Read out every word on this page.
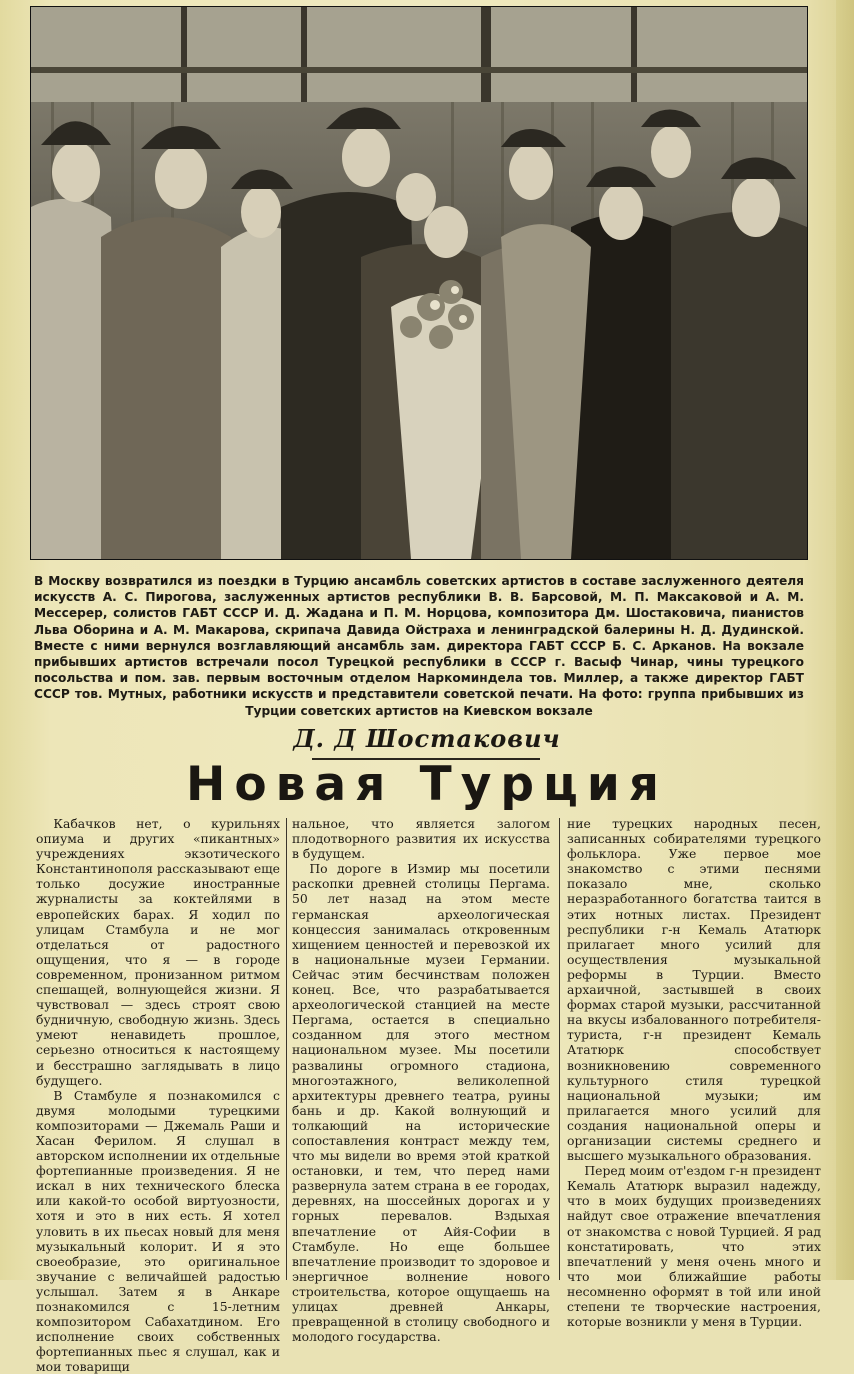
В Москву возвратился из поездки в Турцию ансамбль советских артистов в составе заслуженного деятеля искусств А. С. Пирогова, заслуженных артистов республики В. В. Барсовой, М. П. Максаковой и А. М. Мессерер, солистов ГАБТ СССР И. Д. Жадана и П. М. Норцова, композитора Дм. Шостаковича, пианистов Льва Оборина и А. М. Макарова, скрипача Давида Ойстраха и ленинградской балерины Н. Д. Дудинской. Вместе с ними вернулся возглавляющий ансамбль зам. директора ГАБТ СССР Б. С. Арканов. На вокзале прибывших артистов встречали посол Турецкой республики в СССР г. Васыф Чинар, чины турецкого посольства и пом. зав. первым восточным отделом Наркоминдела тов. Миллер, а также директор ГАБТ СССР тов. Мутных, работники искусств и представители советской печати. На фото: группа прибывших из Турции советских артистов на Киевском вокзале
Д. Д Шостакович
Новая Турция

Кабачков нет, о курильнях опиума и других «пикантных» учреждениях экзотического Константинополя рассказывают еще только досужие иностранные журналисты за коктейлями в европейских барах. Я ходил по улицам Стамбула и не мог отделаться от радостного ощущения, что я — в городе современном, пронизанном ритмом спешащей, волнующейся жизни. Я чувствовал — здесь строят свою будничную, свободную жизнь. Здесь умеют ненавидеть прошлое, серьезно относиться к настоящему и бесстрашно заглядывать в лицо будущего.

В Стамбуле я познакомился с двумя молодыми турецкими композиторами — Джемаль Раши и Хасан Ферилом. Я слушал в авторском исполнении их отдельные фортепианные произведения. Я не искал в них технического блеска или какой-то особой виртуозности, хотя и это в них есть. Я хотел уловить в их пьесах новый для меня музыкальный колорит. И я это своеобразие, это оригинальное звучание с величайшей радостью услышал. Затем я в Анкаре познакомился с 15-летним композитором Сабахатдином. Его исполнение своих собственных фортепианных пьес я слушал, как и мои товарищи

нальное, что является залогом плодотворного развития их искусства в будущем.

По дороге в Измир мы посетили раскопки древней столицы Пергама. 50 лет назад на этом месте германская археологическая концессия занималась откровенным хищением ценностей и перевозкой их в национальные музеи Германии. Сейчас этим бесчинствам положен конец. Все, что разрабатывается археологической станцией на месте Пергама, остается в специально созданном для этого местном национальном музее. Мы посетили развалины огромного стадиона, многоэтажного, великолепной архитектуры древнего театра, руины бань и др. Какой волнующий и толкающий на исторические сопоставления контраст между тем, что мы видели во время этой краткой остановки, и тем, что перед нами развернула затем страна в ее городах, деревнях, на шоссейных дорогах и у горных перевалов. Вздыхая впечатление от Айя-Софии в Стамбуле. Но еще большее впечатление производит то здоровое и энергичное волнение нового строительства, которое ощущаешь на улицах древней Анкары, превращенной в столицу свободного и молодого государства.

ние турецких народных песен, записанных собирателями турецкого фольклора. Уже первое мое знакомство с этими песнями показало мне, сколько неразработанного богатства таится в этих нотных листах. Президент республики г-н Кемаль Ататюрк прилагает много усилий для осуществления музыкальной реформы в Турции. Вместо архаичной, застывшей в своих формах старой музыки, рассчитанной на вкусы избалованного потребителя-туриста, г-н президент Кемаль Ататюрк способствует возникновению современного культурного стиля турецкой национальной музыки; им прилагается много усилий для создания национальной оперы и организации системы среднего и высшего музыкального образования.

Перед моим от'ездом г-н президент Кемаль Ататюрк выразил надежду, что в моих будущих произведениях найдут свое отражение впечатления от знакомства с новой Турцией. Я рад констатировать, что этих впечатлений у меня очень много и что мои ближайшие работы несомненно оформят в той или иной степени те творческие настроения, которые возникли у меня в Турции.
